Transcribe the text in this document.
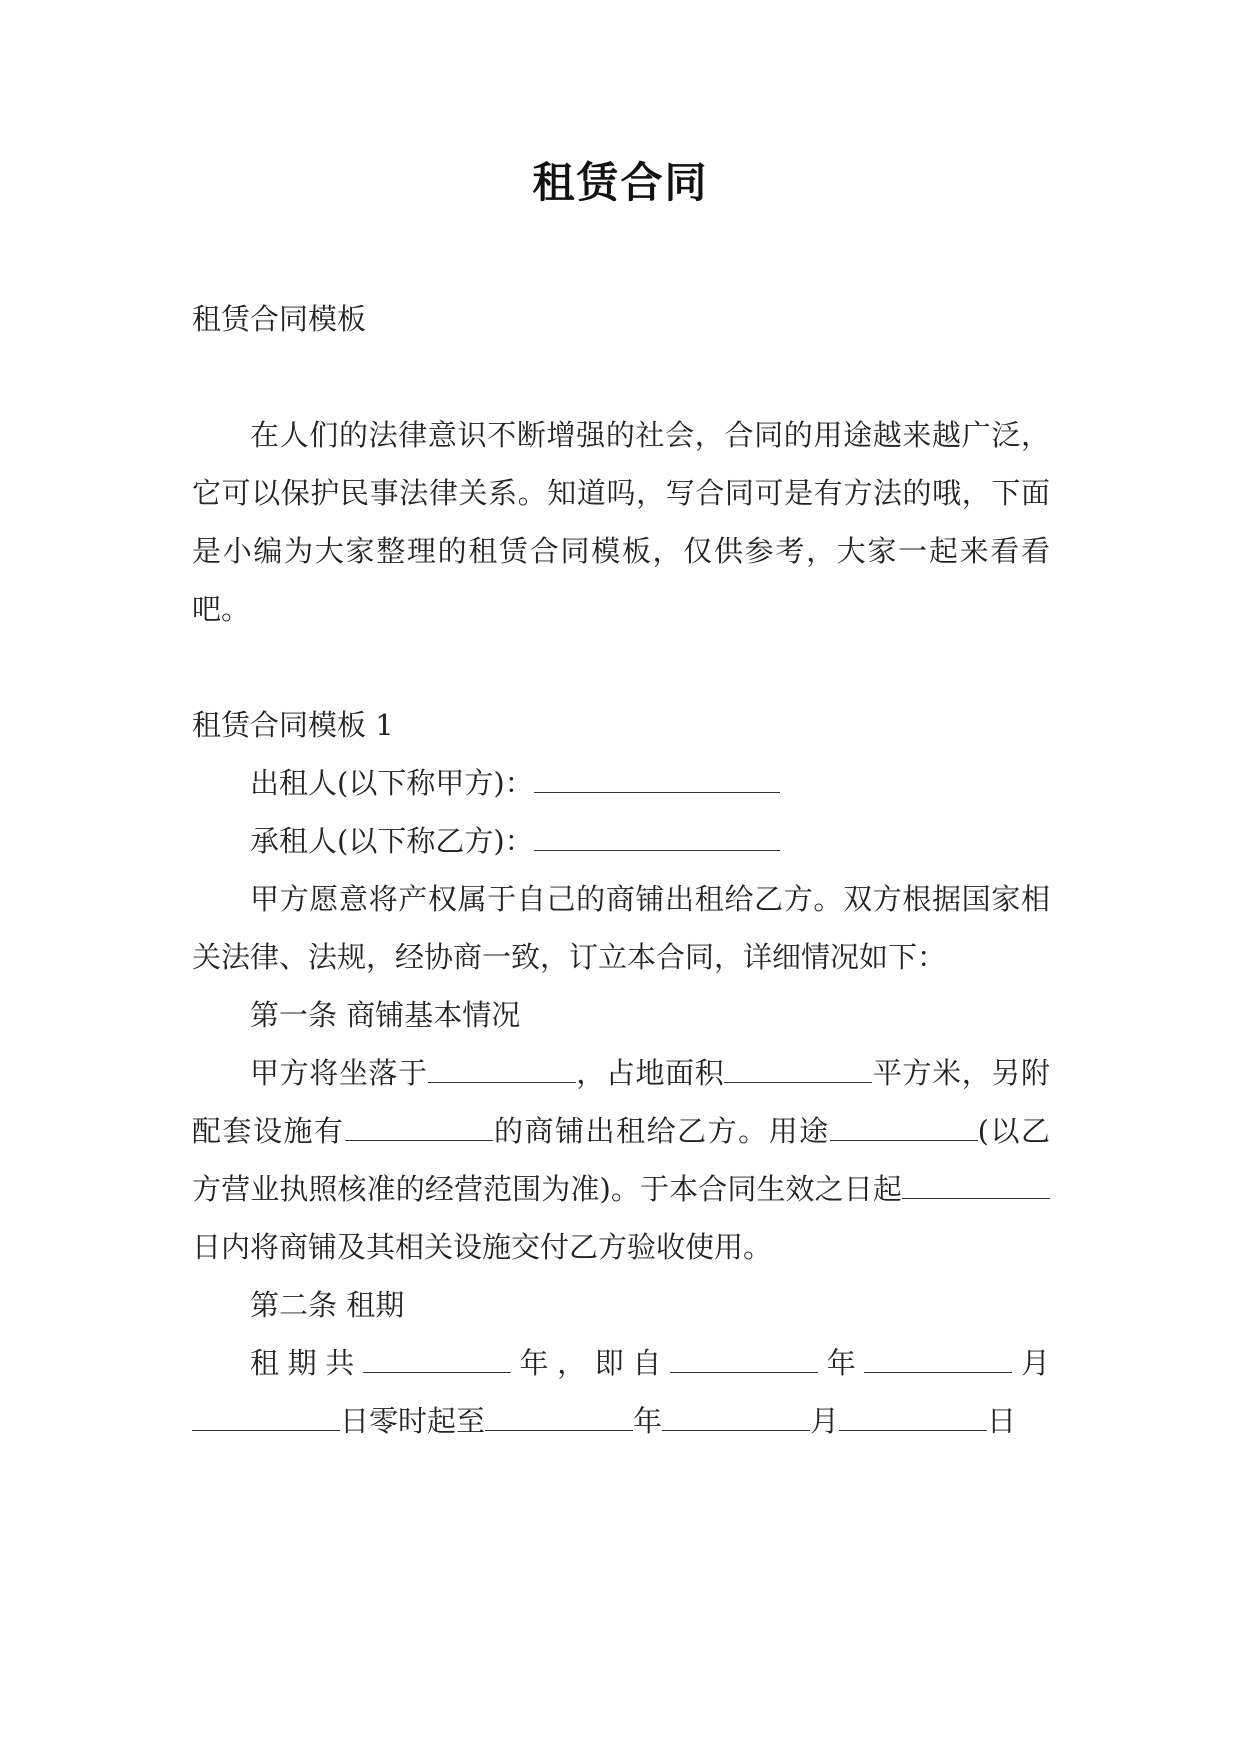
租赁合同

租赁合同模板

在人们的法律意识不断增强的社会，合同的用途越来越广泛，它可以保护民事法律关系。知道吗，写合同可是有方法的哦，下面是小编为大家整理的租赁合同模板，仅供参考，大家一起来看看吧。

租赁合同模板 1

出租人(以下称甲方)：

承租人(以下称乙方)：

甲方愿意将产权属于自己的商铺出租给乙方。双方根据国家相关法律、法规，经协商一致，订立本合同，详细情况如下：

第一条 商铺基本情况

甲方将坐落于	，占地面积	平方米，另附配套设施有	的商铺出租给乙方。用途	(以乙方营业执照核准的经营范围为准)。于本合同生效之日起日内将商铺及其相关设施交付乙方验收使用。

第二条 租期

租期共	年，即自	年	月日零时起至	年	月	日
